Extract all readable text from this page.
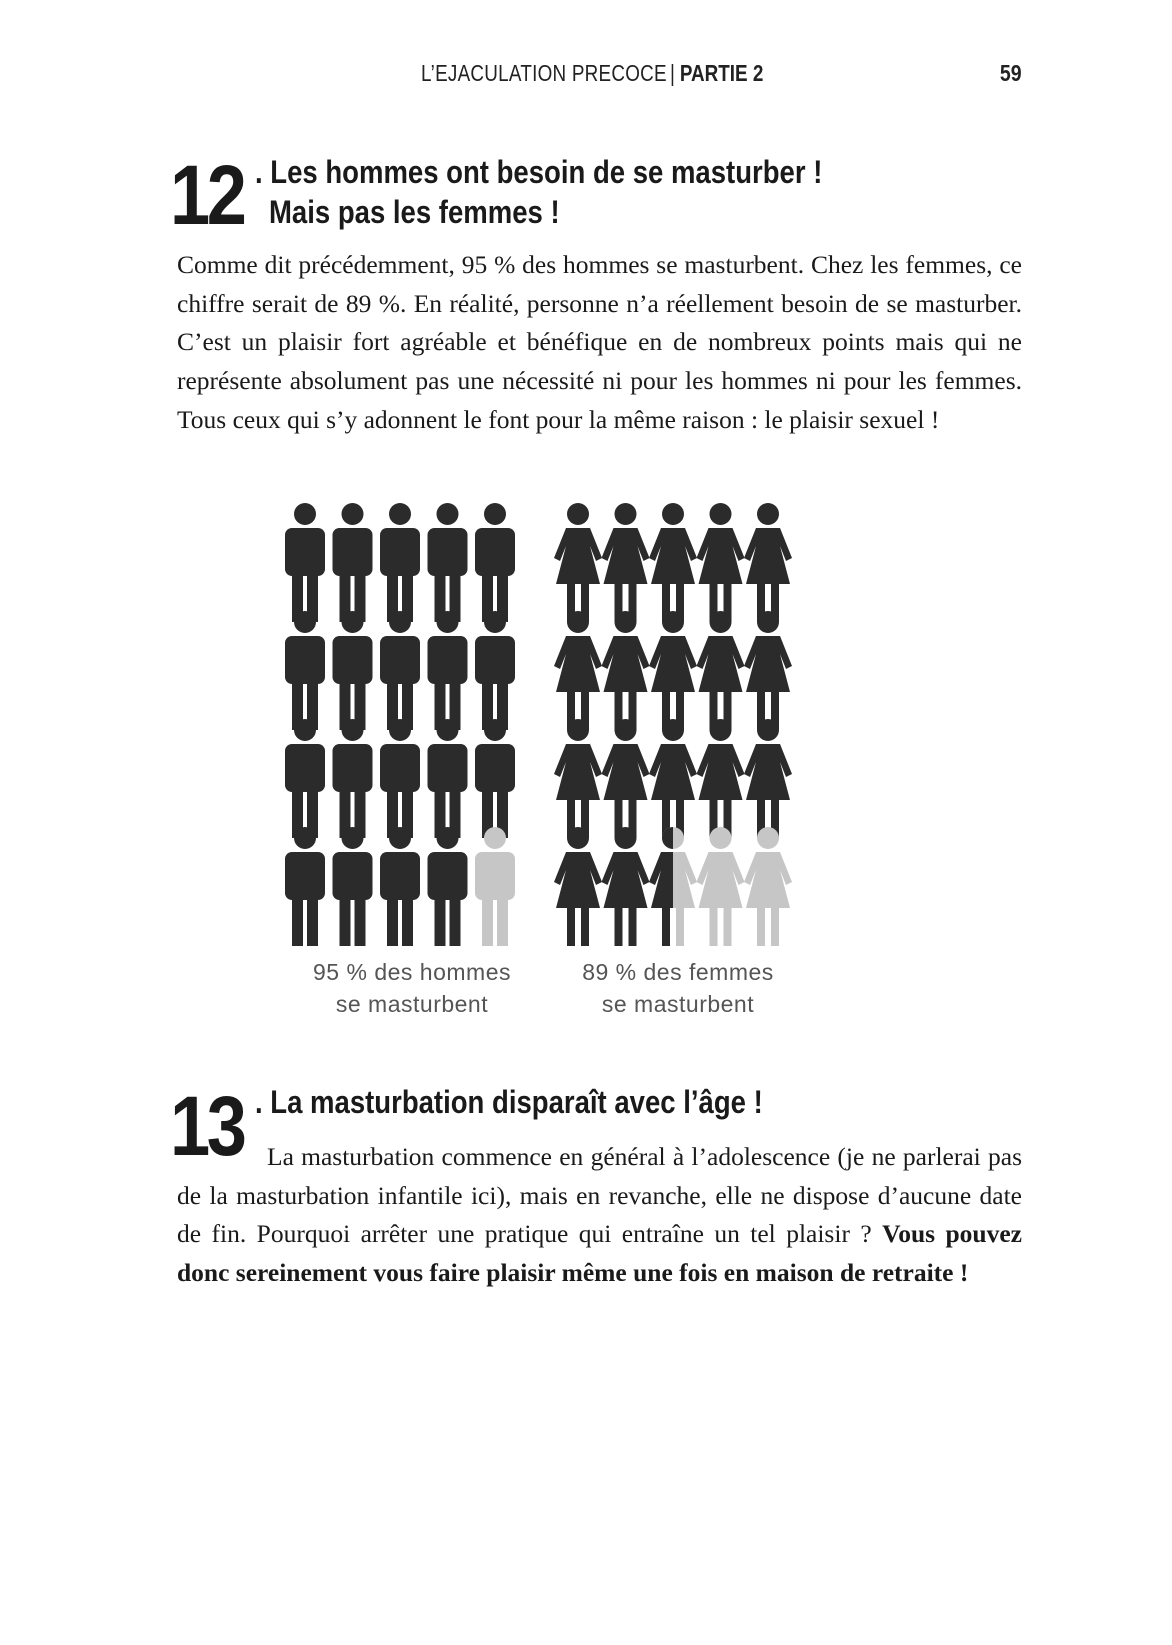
L’EJACULATION PRECOCE | PARTIE 2	59
12 . Les hommes ont besoin de se masturber !
Mais pas les femmes !

Comme dit précédemment, 95 % des hommes se masturbent. Chez les femmes, ce chiffre serait de 89 %. En réalité, personne n’a réellement besoin de se masturber. C’est un plaisir fort agréable et bénéfique en de nombreux points mais qui ne représente absolument pas une nécessité ni pour les hommes ni pour les femmes. Tous ceux qui s’y adonnent le font pour la même raison : le plaisir sexuel !

95 % des hommes
se masturbent
89 % des femmes
se masturbent
13 . La masturbation disparaît avec l’âge !

La masturbation commence en général à l’adolescence (je ne parlerai pas de la masturbation infantile ici), mais en revanche, elle ne dispose d’aucune date de fin. Pourquoi arrêter une pratique qui entraîne un tel plaisir ? Vous pouvez donc sereinement vous faire plaisir même une fois en maison de retraite !
